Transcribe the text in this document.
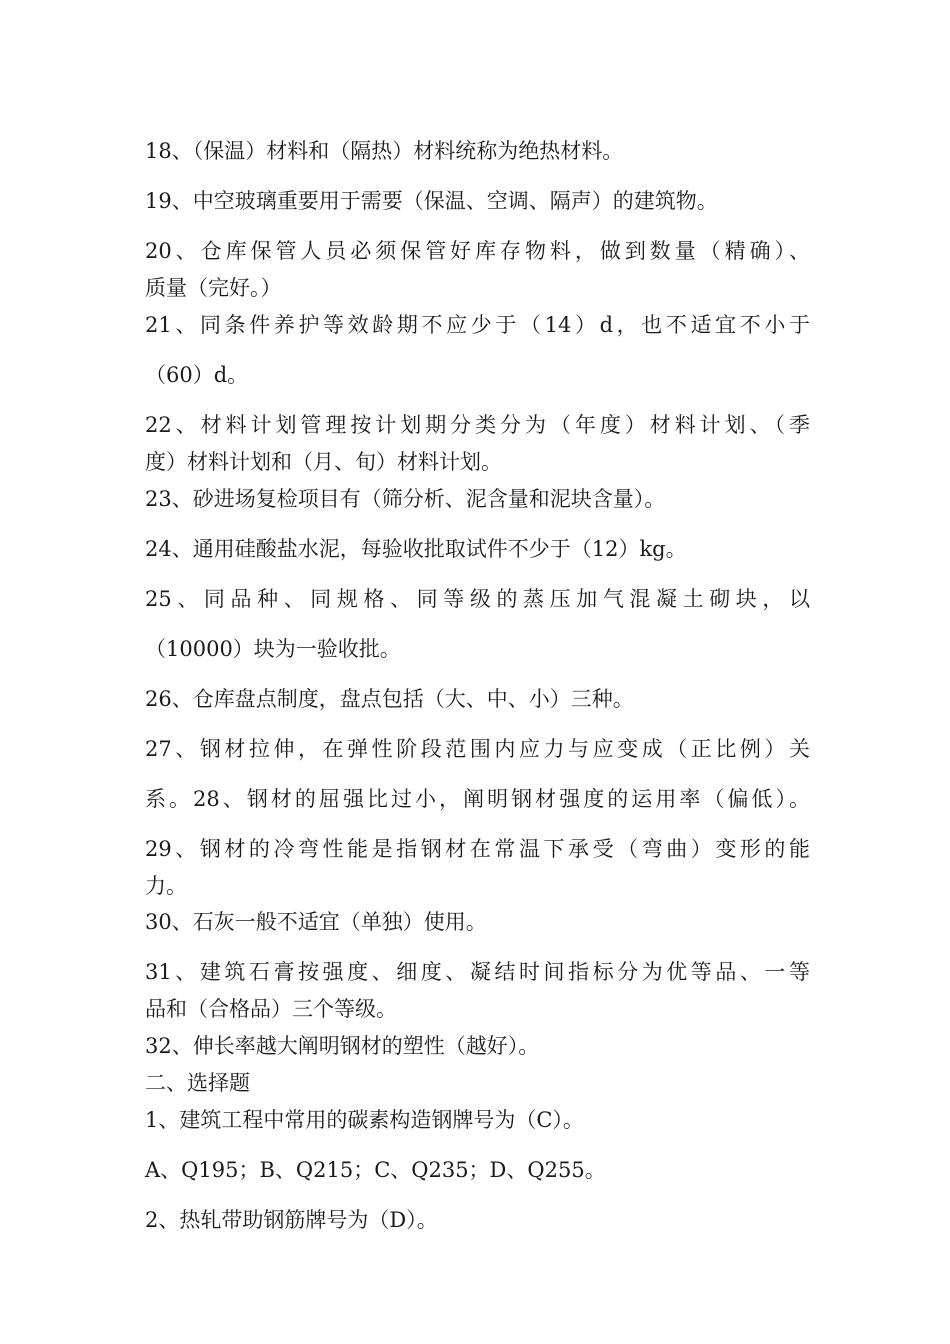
18、（保温）材料和（隔热）材料统称为绝热材料。
19、中空玻璃重要用于需要（保温、空调、隔声）的建筑物。
20、仓库保管人员必须保管好库存物料，做到数量（精确）、
质量（完好。）
21、同条件养护等效龄期不应少于（14）d，也不适宜不小于
（60）d。
22、材料计划管理按计划期分类分为（年度）材料计划、（季
度）材料计划和（月、旬）材料计划。
23、砂进场复检项目有（筛分析、泥含量和泥块含量）。
24、通用硅酸盐水泥，每验收批取试件不少于（12）kg。
25、同品种、同规格、同等级的蒸压加气混凝土砌块，以
（10000）块为一验收批。
26、仓库盘点制度，盘点包括（大、中、小）三种。
27、钢材拉伸，在弹性阶段范围内应力与应变成（正比例）关
系。28、钢材的屈强比过小，阐明钢材强度的运用率（偏低）。
29、钢材的冷弯性能是指钢材在常温下承受（弯曲）变形的能
力。
30、石灰一般不适宜（单独）使用。
31、建筑石膏按强度、细度、凝结时间指标分为优等品、一等
品和（合格品）三个等级。
32、伸长率越大阐明钢材的塑性（越好）。
二、选择题
1、建筑工程中常用的碳素构造钢牌号为（C）。
A、Q195；B、Q215；C、Q235；D、Q255。
2、热轧带助钢筋牌号为（D）。
